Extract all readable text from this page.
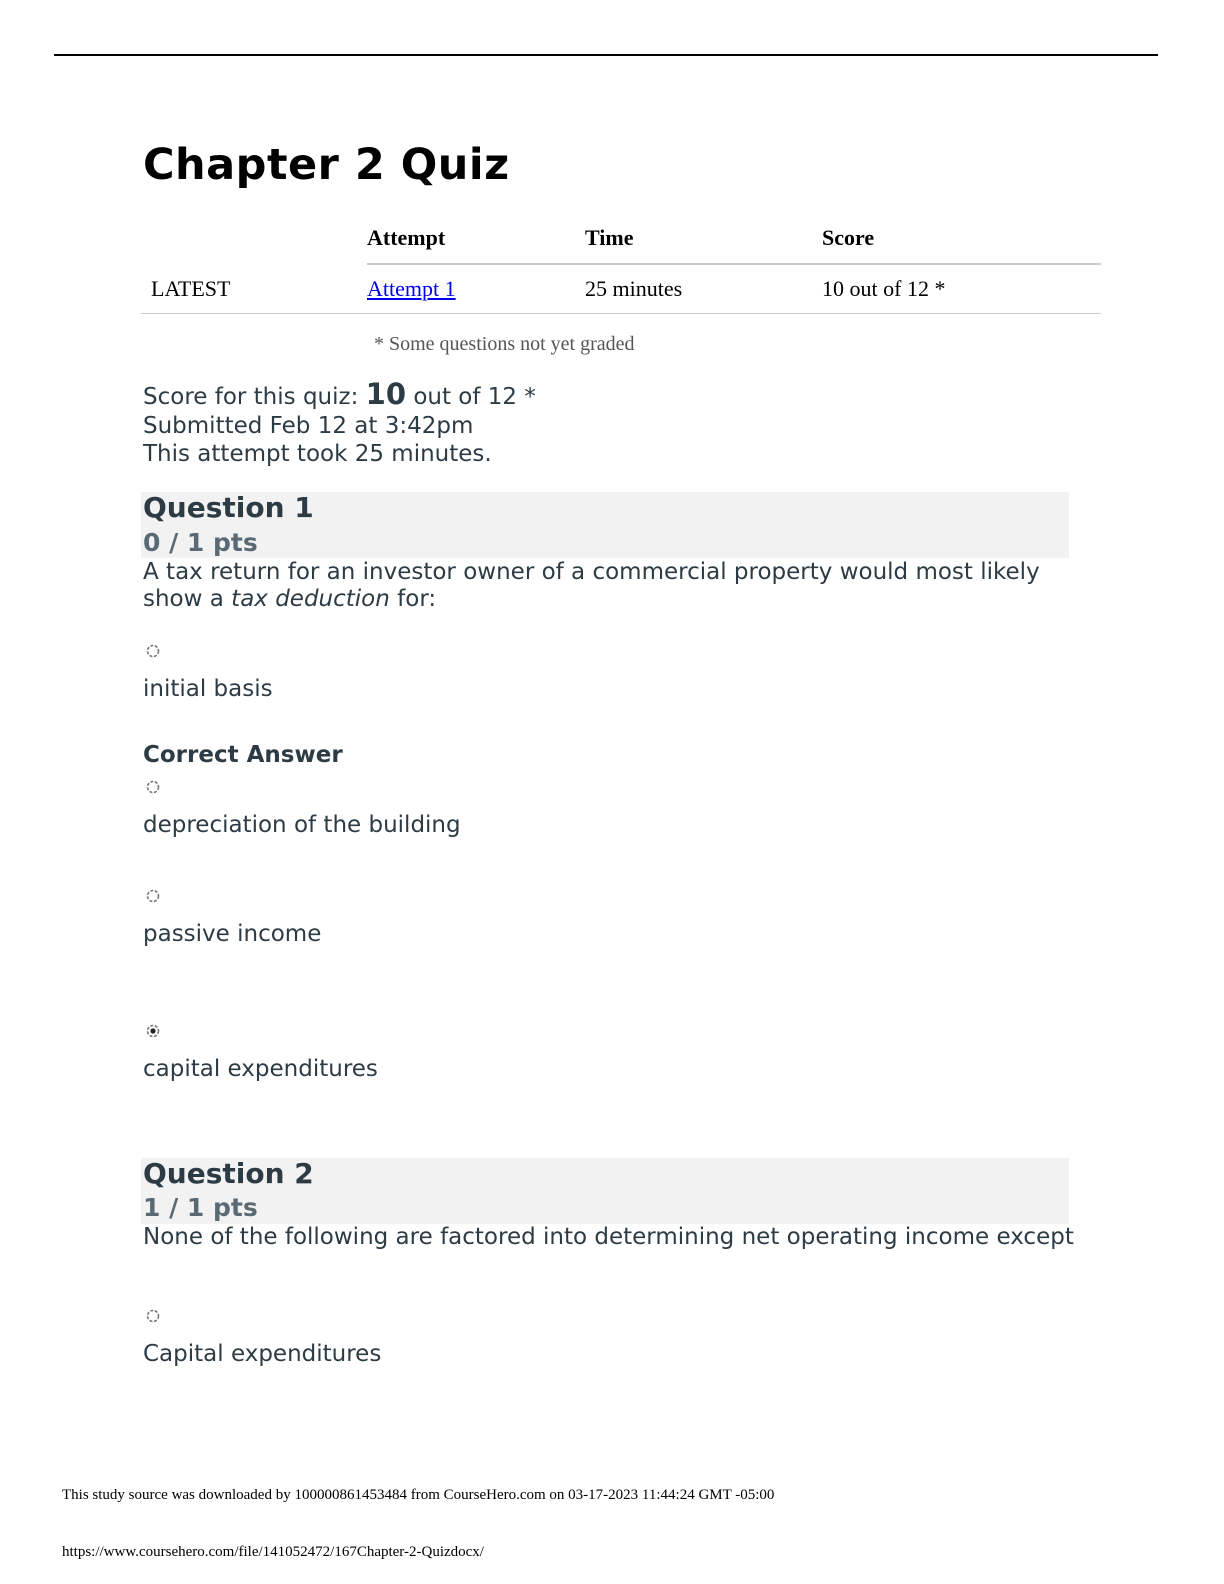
Chapter 2 Quiz
	Attempt	Time	Score
LATEST	Attempt 1	25 minutes	10 out of 12 *
* Some questions not yet graded
Score for this quiz: 10 out of 12 *
Submitted Feb 12 at 3:42pm
This attempt took 25 minutes.
Question 1
0 / 1 pts
A tax return for an investor owner of a commercial property would most likely show a tax deduction for:
initial basis
Correct Answer
depreciation of the building
passive income
capital expenditures
Question 2
1 / 1 pts
None of the following are factored into determining net operating income except
Capital expenditures
This study source was downloaded by 100000861453484 from CourseHero.com on 03-17-2023 11:44:24 GMT -05:00
https://www.coursehero.com/file/141052472/167Chapter-2-Quizdocx/
